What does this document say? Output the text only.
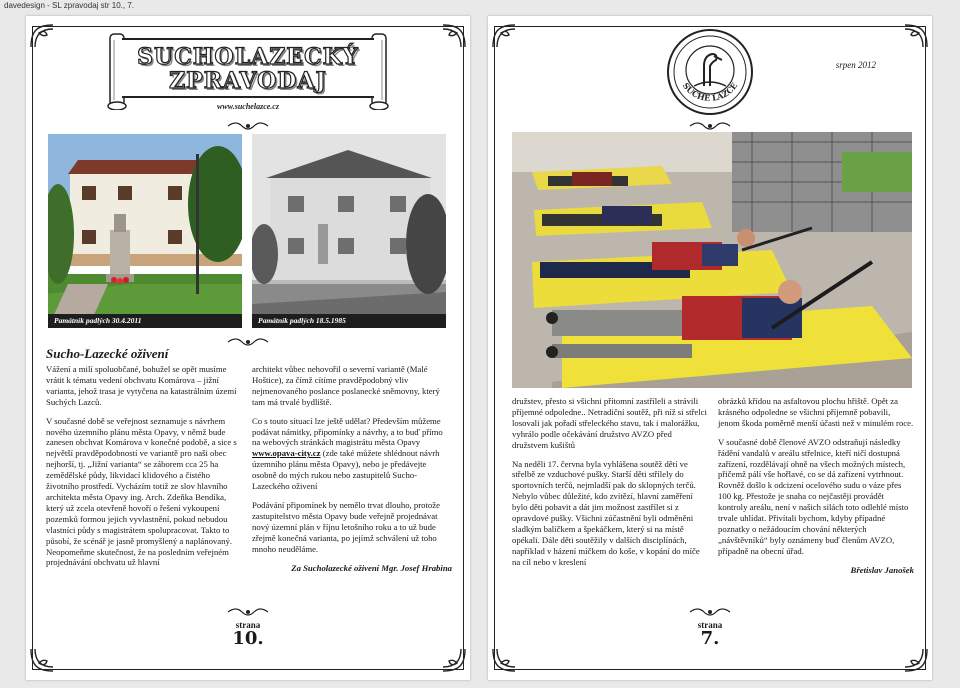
davedesign - SL zpravodaj str 10., 7.
SUCHOLAZECKÝ
ZPRAVODAJ
www.suchelazce.cz
Památník padlých 30.4.2011	Památník padlých 18.5.1985
Sucho-Lazecké oživení

Vážení a milí spoluobčané, bohužel se opět musíme vrátit k tématu vedení obchvatu Komárova – jižní varianta, jehož trasa je vytyčena na katastrálním území Suchých Lazců.

V současné době se veřejnost seznamuje s návrhem nového územního plánu města Opavy, v němž bude zanesen obchvat Komárova v konečné podobě, a sice s největší pravděpodobností ve variantě pro naši obec nejhorší, tj. „Jižní varianta“ se záborem cca 25 ha zemědělské půdy, likvidací klidového a čistého životního prostředí. Vycházím totiž ze slov hlavního architekta města Opavy ing. Arch. Zdeňka Bendíka, který už zcela otevřeně hovoří o řešení vykoupení pozemků formou jejich vyvlastnění, pokud nebudou vlastníci půdy s magistrátem spolupracovat. Takto to působí, že scénář je jasně promyšlený a naplánovaný. Neopomeňme skutečnost, že na posledním veřejném projednávání obchvatu už hlavní

architekt vůbec nehovořil o severní variantě (Malé Hoštice), za čímž cítíme pravděpodobný vliv nejmenovaného poslance poslanecké sněmovny, který tam má trvalé bydliště.

Co s touto situací lze ještě udělat? Především můžeme podávat námitky, připomínky a návrhy, a to buď přímo na webových stránkách magistrátu města Opavy www.opava-city.cz (zde také můžete shlédnout návrh územního plánu města Opavy), nebo je předávejte osobně do mých rukou nebo zastupitelů Sucho-Lazeckého oživení

Podávání připomínek by nemělo trvat dlouho, protože zastupitelstvo města Opavy bude veřejně projednávat nový územní plán v říjnu letošního roku a to už bude zřejmě konečná varianta, po jejímž schválení už toho mnoho neuděláme.

Za Sucholazecké oživení Mgr. Josef Hrabina
strana
10.
SUCHÉ LAZCE
srpen 2012

družstev, přesto si všichni přítomní zastříleli a strávili příjemné odpoledne.. Netradiční soutěž, při níž si střelci losovali jak pořadí střeleckého stavu, tak i malorážku, vyhrálo podle očekávání družstvo AVZO před družstvem kušištů

Na neděli 17. června byla vyhlášena soutěž dětí ve střelbě ze vzduchové pušky. Starší děti střílely do sportovních terčů, nejmladší pak do sklopných terčů. Nebylo vůbec důležité, kdo zvítězí, hlavní zaměření bylo děti pobavit a dát jim možnost zastřílet si z opravdové pušky. Všichni zúčastnění byli odměněni sladkým balíčkem a špekáčkem, který si na místě opékali. Dále děti soutěžily v dalších disciplínách, například v házení míčkem do koše, v kopání do míče na cíl nebo v kreslení

obrázků křídou na asfaltovou plochu hřiště. Opět za krásného odpoledne se všichni příjemně pobavili, jenom škoda poměrně menší účasti než v minulém roce.

V současné době členové AVZO odstraňují následky řádění vandalů v areálu střelnice, kteří ničí dostupná zařízení, rozdělávají ohně na všech možných místech, přičemž pálí vše hořlavé, co se dá zařízení vytrhnout. Rovněž došlo k odcizení ocelového sudu o váze přes 100 kg. Přestože je snaha co nejčastěji provádět kontroly areálu, není v našich silách toto odlehlé místo trvale uhlídat. Přivítali bychom, kdyby případné poznatky o nežádoucím chování některých „návštěvníků“ byly oznámeny buď členům AVZO, případně na obecní úřad.

Břetislav Janošek
strana
7.
